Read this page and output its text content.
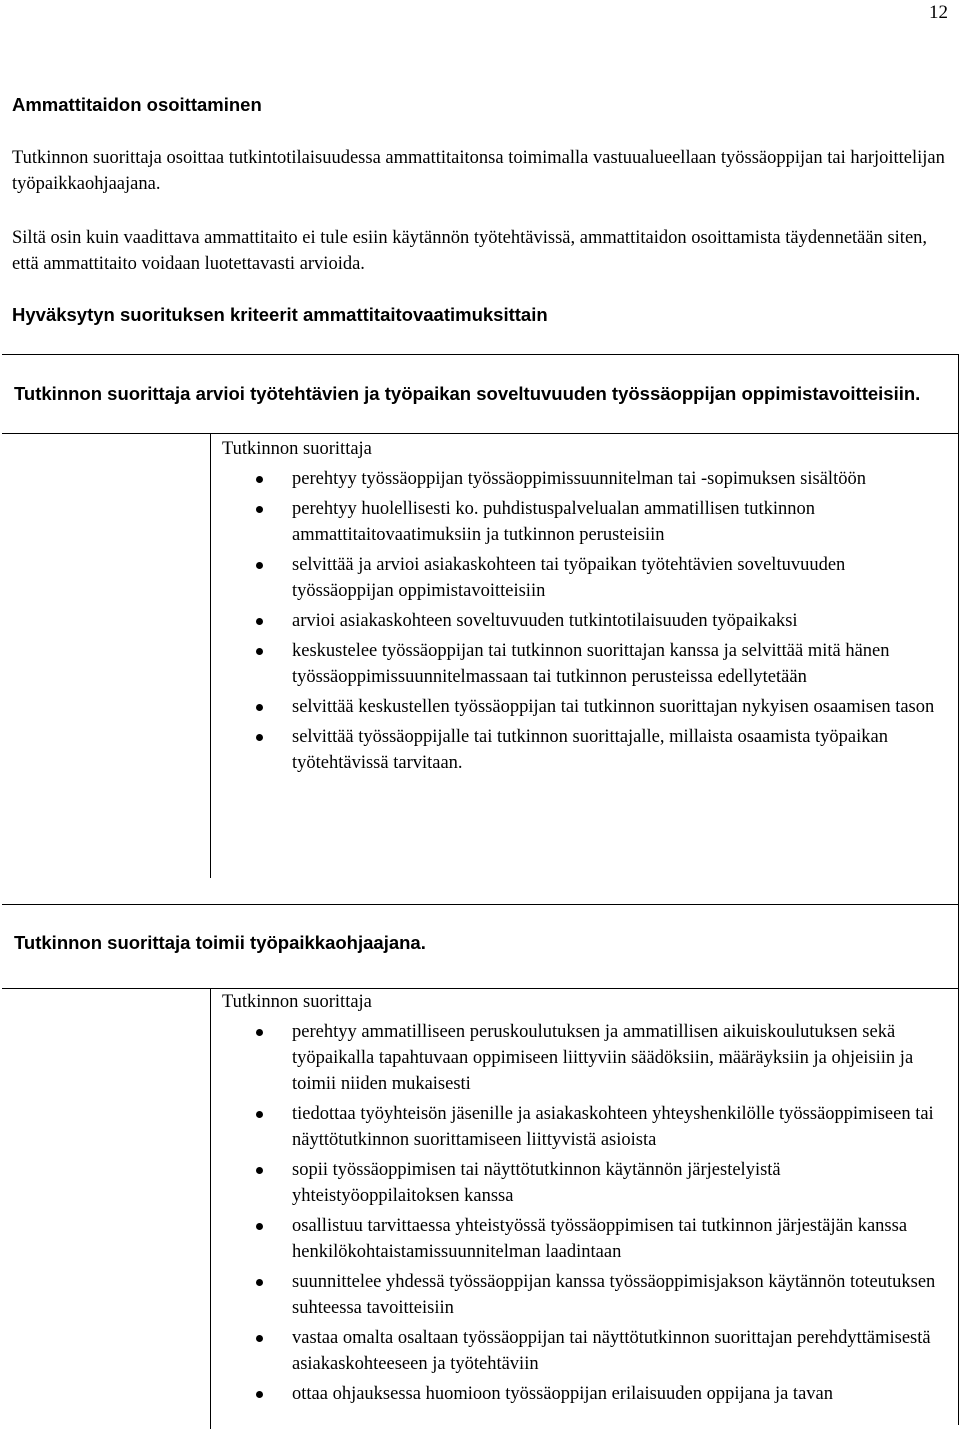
12
Ammattitaidon osoittaminen

Tutkinnon suorittaja osoittaa tutkintotilaisuudessa ammattitaitonsa toimimalla vastuualueellaan työssäoppijan tai harjoittelijan työpaikkaohjaajana.

Siltä osin kuin vaadittava ammattitaito ei tule esiin käytännön työtehtävissä, ammattitaidon osoittamista täydennetään siten, että ammattitaito voidaan luotettavasti arvioida.

Hyväksytyn suorituksen kriteerit ammattitaitovaatimuksittain
Tutkinnon suorittaja arvioi työtehtävien ja työpaikan soveltuvuuden työssäoppijan oppimistavoitteisiin.

Tutkinnon suorittaja

perehtyy työssäoppijan työssäoppimissuunnitelman tai -sopimuksen sisältöön
perehtyy huolellisesti ko. puhdistuspalvelualan ammatillisen tutkinnon ammattitaitovaatimuksiin ja tutkinnon perusteisiin
selvittää ja arvioi asiakaskohteen tai työpaikan työtehtävien soveltuvuuden työssäoppijan oppimistavoitteisiin
arvioi asiakaskohteen soveltuvuuden tutkintotilaisuuden työpaikaksi
keskustelee työssäoppijan tai tutkinnon suorittajan kanssa ja selvittää mitä hänen työssäoppimissuunnitelmassaan tai tutkinnon perusteissa edellytetään
selvittää keskustellen työssäoppijan tai tutkinnon suorittajan nykyisen osaamisen tason
selvittää työssäoppijalle tai tutkinnon suorittajalle, millaista osaamista työpaikan työtehtävissä tarvitaan.
Tutkinnon suorittaja toimii työpaikkaohjaajana.

Tutkinnon suorittaja

perehtyy ammatilliseen peruskoulutuksen ja ammatillisen aikuiskoulutuksen sekä työpaikalla tapahtuvaan oppimiseen liittyviin säädöksiin, määräyksiin ja ohjeisiin ja toimii niiden mukaisesti
tiedottaa työyhteisön jäsenille ja asiakaskohteen yhteyshenkilölle työssäoppimiseen tai näyttötutkinnon suorittamiseen liittyvistä asioista
sopii työssäoppimisen tai näyttötutkinnon käytännön järjestelyistä yhteistyöoppilaitoksen kanssa
osallistuu tarvittaessa yhteistyössä työssäoppimisen tai tutkinnon järjestäjän kanssa henkilökohtaistamissuunnitelman laadintaan
suunnittelee yhdessä työssäoppijan kanssa työssäoppimisjakson käytännön toteutuksen suhteessa tavoitteisiin
vastaa omalta osaltaan työssäoppijan tai näyttötutkinnon suorittajan perehdyttämisestä asiakaskohteeseen ja työtehtäviin
ottaa ohjauksessa huomioon työssäoppijan erilaisuuden oppijana ja tavan
